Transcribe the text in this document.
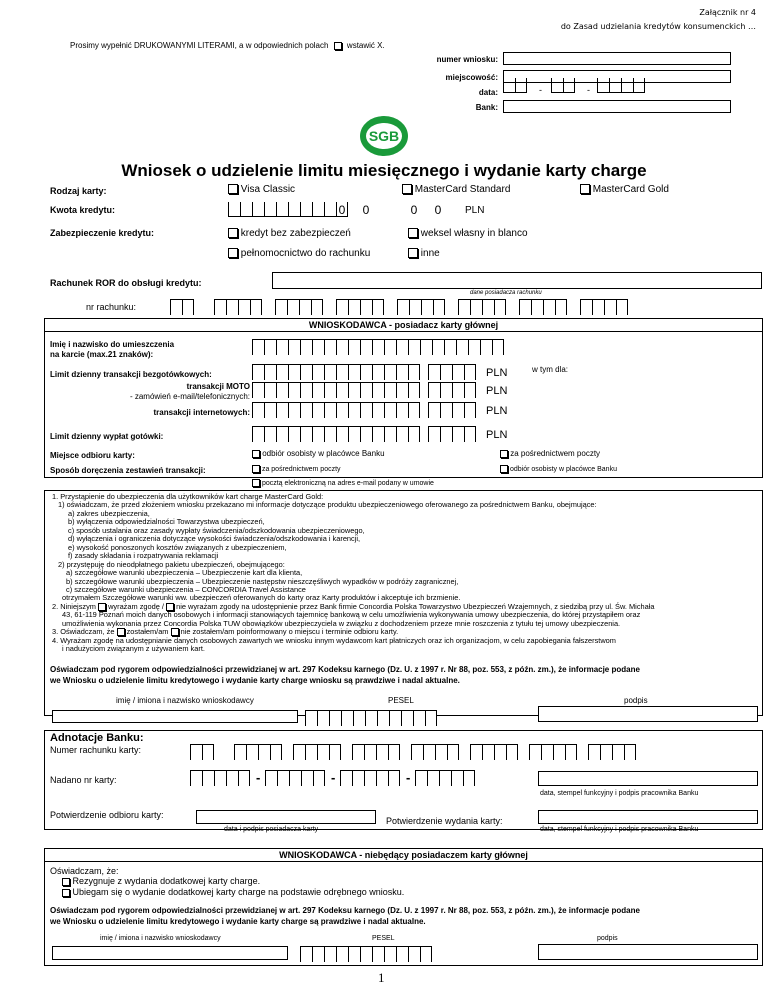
Załącznik nr 4
do Zasad udzielania kredytów konsumenckich …
Prosimy wypełnić DRUKOWANYMI LITERAMI, a w odpowiednich polach wstawić X.
numer wniosku:
miejscowość:
data:	-	-
Bank:
SGB
Wniosek o udzielenie limitu miesięcznego i wydanie karty charge
Rodzaj karty:	Visa Classic	MasterCard Standard	MasterCard Gold
Kwota kredytu:	0 0	0 0 PLN
Zabezpieczenie kredytu:	kredyt bez zabezpieczeń	weksel własny in blanco
pełnomocnictwo do rachunku	inne
Rachunek ROR do obsługi kredytu:
dane posiadacza rachunku
nr rachunku:
WNIOSKODAWCA - posiadacz karty głównej
Imię i nazwisko do umieszczenia
na karcie (max.21 znaków):
Limit dzienny transakcji bezgotówkowych:	PLN	w tym dla:
transakcji MOTO
- zamówień e-mail/telefonicznych:	PLN
transakcji internetowych:	PLN
Limit dzienny wypłat gotówki:	PLN
Miejsce odbioru karty:	odbiór osobisty w placówce Banku	za pośrednictwem poczty
Sposób doręczenia zestawień transakcji:	za pośrednictwem poczty	odbiór osobisty w placówce Banku
pocztą elektroniczną na adres e-mail podany w umowie
1. Przystąpienie do ubezpieczenia dla użytkowników kart charge MasterCard Gold:
1) oświadczam, że przed złożeniem wniosku przekazano mi informacje dotyczące produktu ubezpieczeniowego oferowanego za pośrednictwem Banku, obejmujące:
a) zakres ubezpieczenia,
b) wyłączenia odpowiedzialności Towarzystwa ubezpieczeń,
c) sposób ustalania oraz zasady wypłaty świadczenia/odszkodowania ubezpieczeniowego,
d) wyłączenia i ograniczenia dotyczące wysokości świadczenia/odszkodowania i karencji,
e) wysokość ponoszonych kosztów związanych z ubezpieczeniem,
f) zasady składania i rozpatrywania reklamacji
2) przystępuję do nieodpłatnego pakietu ubezpieczeń, obejmującego:
a) szczegółowe warunki ubezpieczenia – Ubezpieczenie kart dla klienta,
b) szczegółowe warunki ubezpieczenia – Ubezpieczenie następstw nieszczęśliwych wypadków w podróży zagranicznej,
c) szczegółowe warunki ubezpieczenia – CONCORDIA Travel Assistance
otrzymałem Szczegółowe warunki ww. ubezpieczeń oferowanych do karty oraz Karty produktów i akceptuje ich brzmienie.
2. Niniejszym wyrażam zgodę / nie wyrażam zgody na udostępnienie przez Bank firmie Concordia Polska Towarzystwo Ubezpieczeń Wzajemnych, z siedzibą przy ul. Św. Michała
43, 61-119 Poznań moich danych osobowych i informacji stanowiących tajemnicę bankową w celu umożliwienia wykonywania umowy ubezpieczenia, do której przystąpiłem oraz
umożliwienia wykonania przez Concordia Polska TUW obowiązków ubezpieczyciela w związku z dochodzeniem przeze mnie roszczenia z tytułu tej umowy ubezpieczenia.
3. Oświadczam, że zostałem/am nie zostałem/am poinformowany o miejscu i terminie odbioru karty.
4. Wyrażam zgodę na udostępnianie danych osobowych zawartych we wniosku innym wydawcom kart płatniczych oraz ich organizacjom, w celu zapobiegania fałszerstwom
i nadużyciom związanym z używaniem kart.
Oświadczam pod rygorem odpowiedzialności przewidzianej w art. 297 Kodeksu karnego (Dz. U. z 1997 r. Nr 88, poz. 553, z późn. zm.), że informacje podane
we Wniosku o udzielenie limitu kredytowego i wydanie karty charge wniosku są prawdziwe i nadal aktualne.
imię / imiona i nazwisko wnioskodawcy	PESEL	podpis
Adnotacje Banku:
Numer rachunku karty:
Nadano nr karty:	-	-	-
data, stempel funkcyjny i podpis pracownika Banku
Potwierdzenie odbioru karty:
data i podpis posiadacza karty
Potwierdzenie wydania karty:
data, stempel funkcyjny i podpis pracownika Banku
WNIOSKODAWCA - niebędący posiadaczem karty głównej
Oświadczam, że:
Rezygnuje z wydania dodatkowej karty charge.
Ubiegam się o wydanie dodatkowej karty charge na podstawie odrębnego wniosku.
Oświadczam pod rygorem odpowiedzialności przewidzianej w art. 297 Kodeksu karnego (Dz. U. z 1997 r. Nr 88, poz. 553, z późn. zm.), że informacje podane
we Wniosku o udzielenie limitu kredytowego i wydanie karty charge są prawdziwe i nadal aktualne.
imię / imiona i nazwisko wnioskodawcy	PESEL	podpis
1
